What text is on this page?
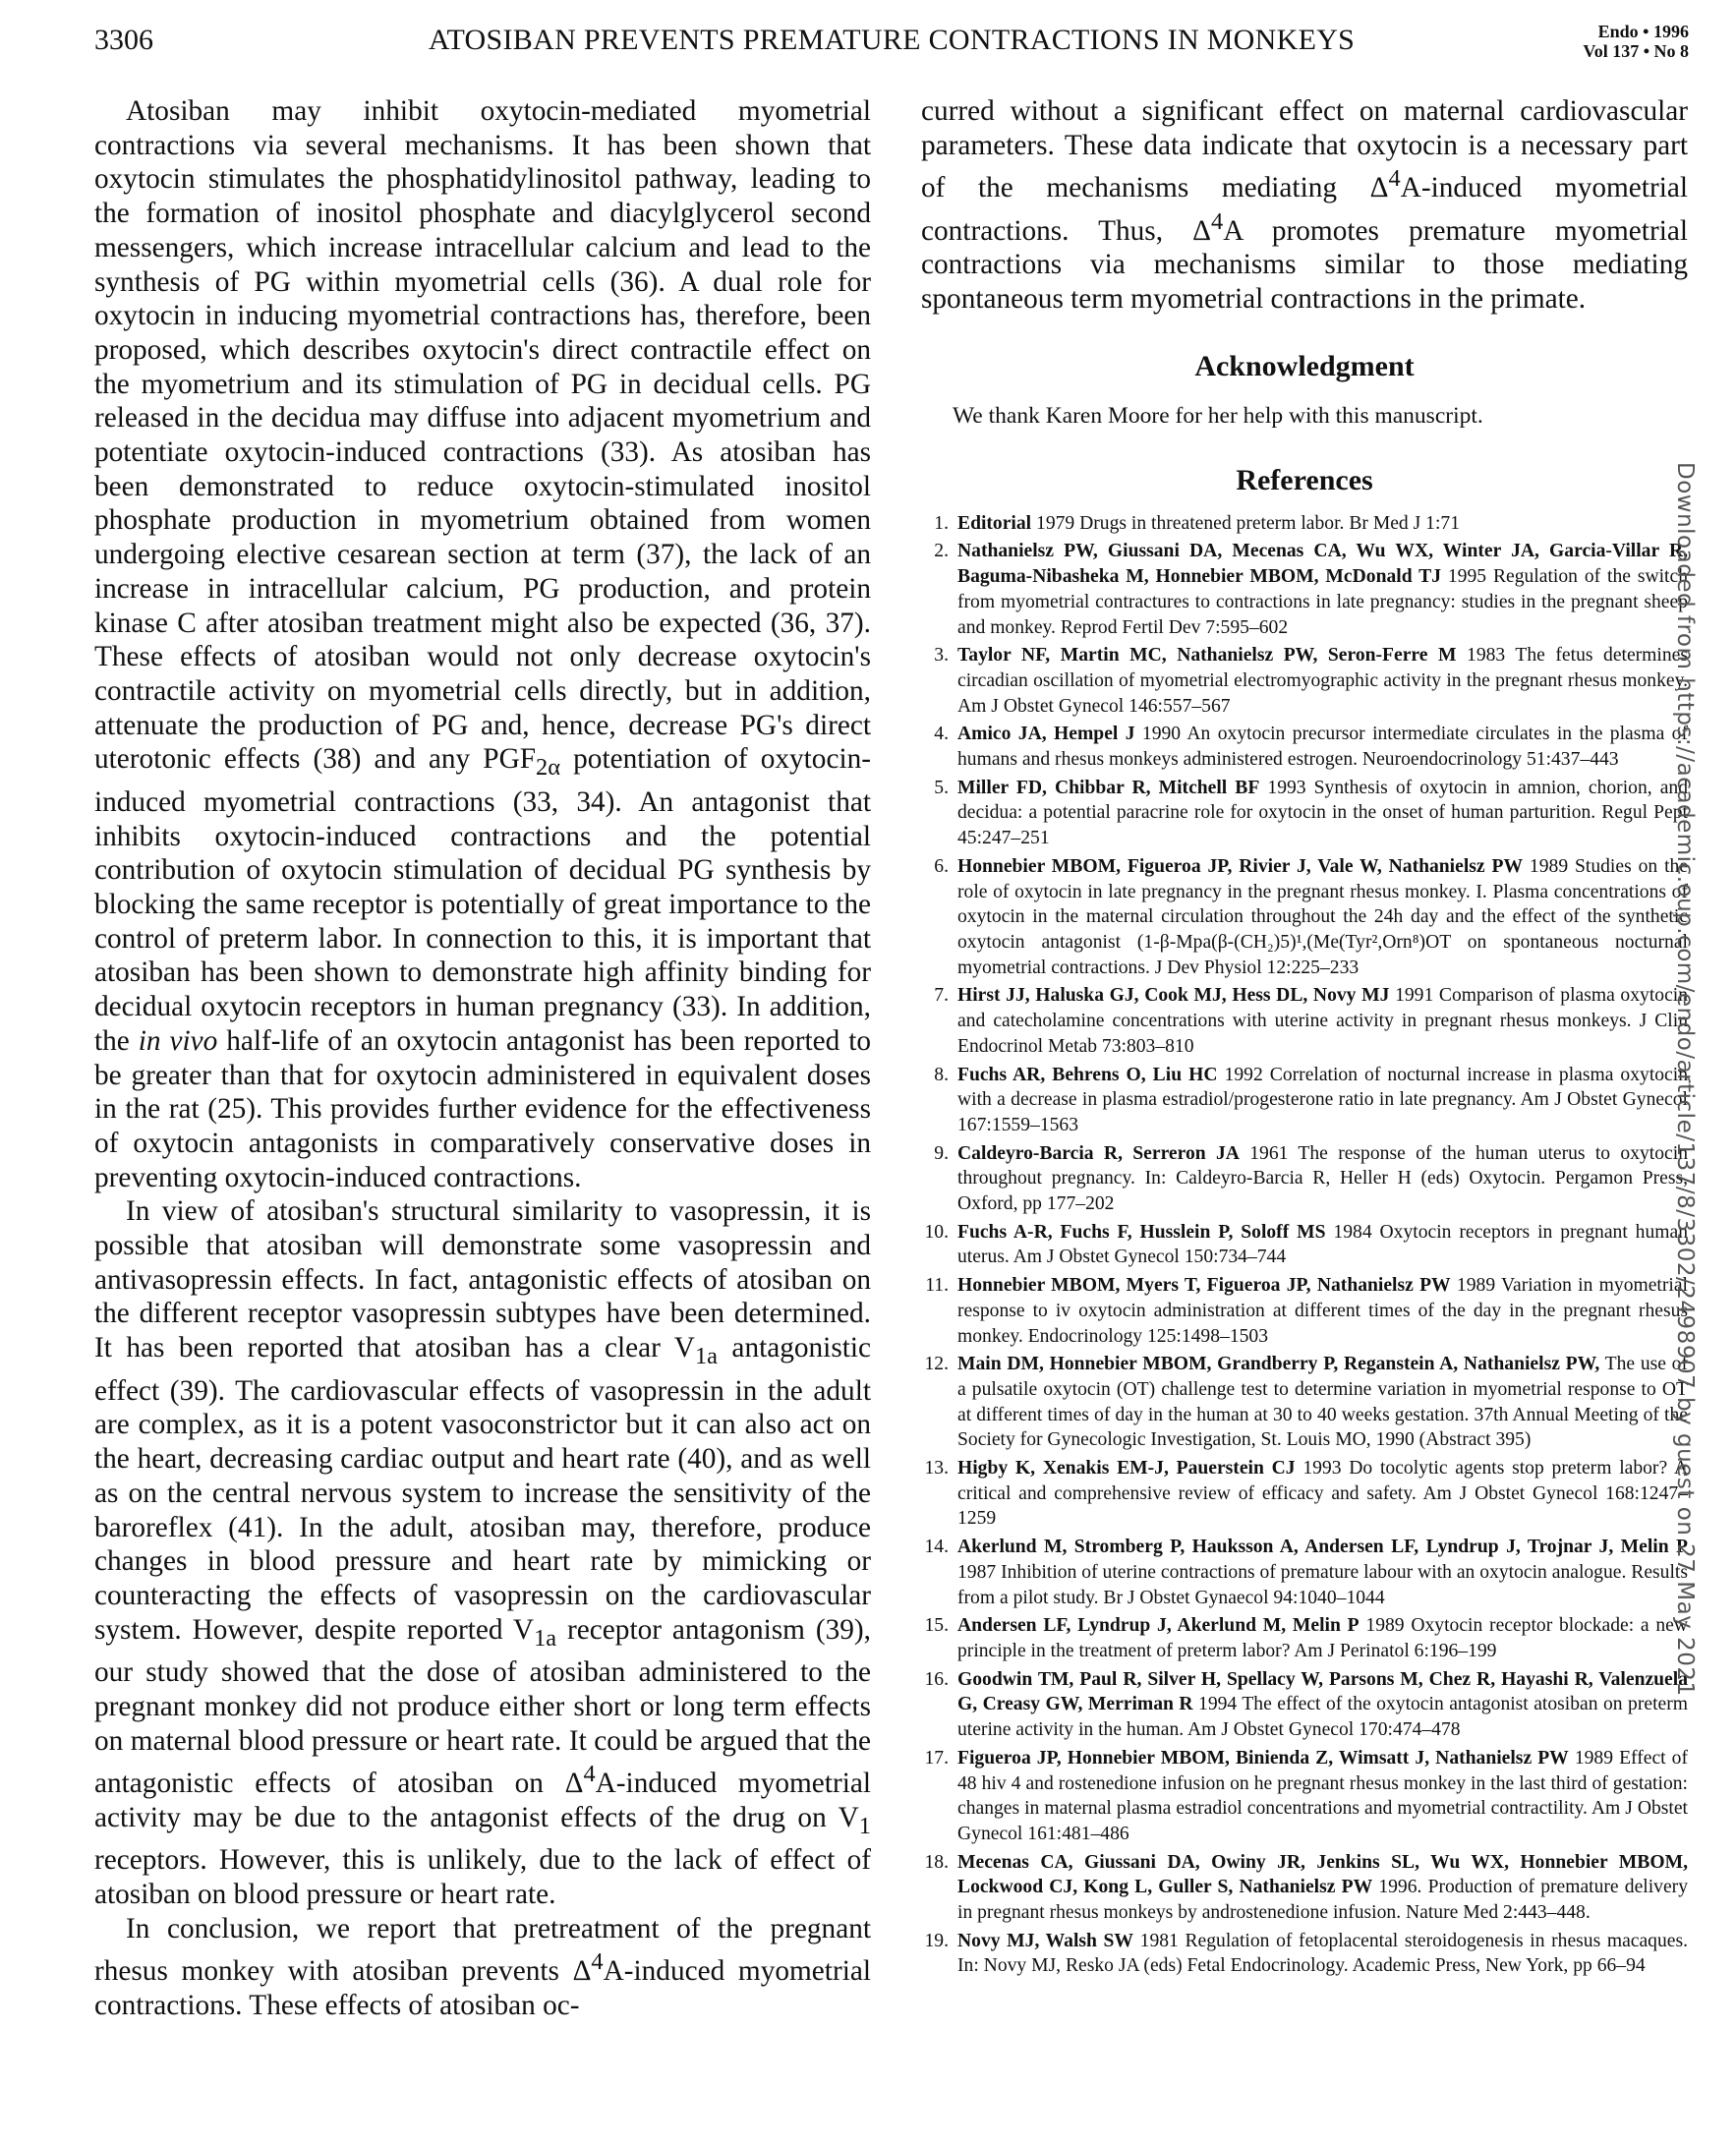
3306	ATOSIBAN PREVENTS PREMATURE CONTRACTIONS IN MONKEYS	Endo • 1996
Vol 137 • No 8

Atosiban may inhibit oxytocin-mediated myometrial contractions via several mechanisms. It has been shown that oxytocin stimulates the phosphatidylinositol pathway, leading to the formation of inositol phosphate and diacylglycerol second messengers, which increase intracellular calcium and lead to the synthesis of PG within myometrial cells (36). A dual role for oxytocin in inducing myometrial contractions has, therefore, been proposed, which describes oxytocin's direct contractile effect on the myometrium and its stimulation of PG in decidual cells. PG released in the decidua may diffuse into adjacent myometrium and potentiate oxytocin-induced contractions (33). As atosiban has been demonstrated to reduce oxytocin-stimulated inositol phosphate production in myometrium obtained from women undergoing elective cesarean section at term (37), the lack of an increase in intracellular calcium, PG production, and protein kinase C after atosiban treatment might also be expected (36, 37). These effects of atosiban would not only decrease oxytocin's contractile activity on myometrial cells directly, but in addition, attenuate the production of PG and, hence, decrease PG's direct uterotonic effects (38) and any $PGF_{2\alpha}$ potentiation of oxytocin-induced myometrial contractions (33, 34). An antagonist that inhibits oxytocin-induced contractions and the potential contribution of oxytocin stimulation of decidual PG synthesis by blocking the same receptor is potentially of great importance to the control of preterm labor. In connection to this, it is important that atosiban has been shown to demonstrate high affinity binding for decidual oxytocin receptors in human pregnancy (33). In addition, the in vivo half-life of an oxytocin antagonist has been reported to be greater than that for oxytocin administered in equivalent doses in the rat (25). This provides further evidence for the effectiveness of oxytocin antagonists in comparatively conservative doses in preventing oxytocin-induced contractions.

In view of atosiban's structural similarity to vasopressin, it is possible that atosiban will demonstrate some vasopressin and antivasopressin effects. In fact, antagonistic effects of atosiban on the different receptor vasopressin subtypes have been determined. It has been reported that atosiban has a clear $V_{1a}$ antagonistic effect (39). The cardiovascular effects of vasopressin in the adult are complex, as it is a potent vasoconstrictor but it can also act on the heart, decreasing cardiac output and heart rate (40), and as well as on the central nervous system to increase the sensitivity of the baroreflex (41). In the adult, atosiban may, therefore, produce changes in blood pressure and heart rate by mimicking or counteracting the effects of vasopressin on the cardiovascular system. However, despite reported $V_{1a}$ receptor antagonism (39), our study showed that the dose of atosiban administered to the pregnant monkey did not produce either short or long term effects on maternal blood pressure or heart rate. It could be argued that the antagonistic effects of atosiban on $\Delta^4A$-induced myometrial activity may be due to the antagonist effects of the drug on $V_1$ receptors. However, this is unlikely, due to the lack of effect of atosiban on blood pressure or heart rate.

In conclusion, we report that pretreatment of the pregnant rhesus monkey with atosiban prevents $\Delta^4A$-induced myometrial contractions. These effects of atosiban oc-

curred without a significant effect on maternal cardiovascular parameters. These data indicate that oxytocin is a necessary part of the mechanisms mediating $\Delta^4A$-induced myometrial contractions. Thus, $\Delta^4A$ promotes premature myometrial contractions via mechanisms similar to those mediating spontaneous term myometrial contractions in the primate.

Acknowledgment
We thank Karen Moore for her help with this manuscript.
References
1. Editorial 1979 Drugs in threatened preterm labor. Br Med J 1:71
2. Nathanielsz PW, Giussani DA, Mecenas CA, Wu WX, Winter JA, Garcia-Villar R, Baguma-Nibasheka M, Honnebier MBOM, McDonald TJ 1995 Regulation of the switch from myometrial contractures to contractions in late pregnancy: studies in the pregnant sheep and monkey. Reprod Fertil Dev 7:595–602
3. Taylor NF, Martin MC, Nathanielsz PW, Seron-Ferre M 1983 The fetus determines circadian oscillation of myometrial electromyographic activity in the pregnant rhesus monkey. Am J Obstet Gynecol 146:557–567
4. Amico JA, Hempel J 1990 An oxytocin precursor intermediate circulates in the plasma of humans and rhesus monkeys administered estrogen. Neuroendocrinology 51:437–443
5. Miller FD, Chibbar R, Mitchell BF 1993 Synthesis of oxytocin in amnion, chorion, and decidua: a potential paracrine role for oxytocin in the onset of human parturition. Regul Pept 45:247–251
6. Honnebier MBOM, Figueroa JP, Rivier J, Vale W, Nathanielsz PW 1989 Studies on the role of oxytocin in late pregnancy in the pregnant rhesus monkey. I. Plasma concentrations of oxytocin in the maternal circulation throughout the 24h day and the effect of the synthetic oxytocin antagonist (1-β-Mpa(β-(CH₂)5)¹,(Me(Tyr²,Orn⁸)OT on spontaneous nocturnal myometrial contractions. J Dev Physiol 12:225–233
7. Hirst JJ, Haluska GJ, Cook MJ, Hess DL, Novy MJ 1991 Comparison of plasma oxytocin and catecholamine concentrations with uterine activity in pregnant rhesus monkeys. J Clin Endocrinol Metab 73:803–810
8. Fuchs AR, Behrens O, Liu HC 1992 Correlation of nocturnal increase in plasma oxytocin with a decrease in plasma estradiol/progesterone ratio in late pregnancy. Am J Obstet Gynecol 167:1559–1563
9. Caldeyro-Barcia R, Serreron JA 1961 The response of the human uterus to oxytocin throughout pregnancy. In: Caldeyro-Barcia R, Heller H (eds) Oxytocin. Pergamon Press, Oxford, pp 177–202
10. Fuchs A-R, Fuchs F, Husslein P, Soloff MS 1984 Oxytocin receptors in pregnant human uterus. Am J Obstet Gynecol 150:734–744
11. Honnebier MBOM, Myers T, Figueroa JP, Nathanielsz PW 1989 Variation in myometrial response to iv oxytocin administration at different times of the day in the pregnant rhesus monkey. Endocrinology 125:1498–1503
12. Main DM, Honnebier MBOM, Grandberry P, Reganstein A, Nathanielsz PW, The use of a pulsatile oxytocin (OT) challenge test to determine variation in myometrial response to OT at different times of day in the human at 30 to 40 weeks gestation. 37th Annual Meeting of the Society for Gynecologic Investigation, St. Louis MO, 1990 (Abstract 395)
13. Higby K, Xenakis EM-J, Pauerstein CJ 1993 Do tocolytic agents stop preterm labor? A critical and comprehensive review of efficacy and safety. Am J Obstet Gynecol 168:1247–1259
14. Akerlund M, Stromberg P, Hauksson A, Andersen LF, Lyndrup J, Trojnar J, Melin P 1987 Inhibition of uterine contractions of premature labour with an oxytocin analogue. Results from a pilot study. Br J Obstet Gynaecol 94:1040–1044
15. Andersen LF, Lyndrup J, Akerlund M, Melin P 1989 Oxytocin receptor blockade: a new principle in the treatment of preterm labor? Am J Perinatol 6:196–199
16. Goodwin TM, Paul R, Silver H, Spellacy W, Parsons M, Chez R, Hayashi R, Valenzuela G, Creasy GW, Merriman R 1994 The effect of the oxytocin antagonist atosiban on preterm uterine activity in the human. Am J Obstet Gynecol 170:474–478
17. Figueroa JP, Honnebier MBOM, Binienda Z, Wimsatt J, Nathanielsz PW 1989 Effect of 48 hiv 4 and rostenedione infusion on he pregnant rhesus monkey in the last third of gestation: changes in maternal plasma estradiol concentrations and myometrial contractility. Am J Obstet Gynecol 161:481–486
18. Mecenas CA, Giussani DA, Owiny JR, Jenkins SL, Wu WX, Honnebier MBOM, Lockwood CJ, Kong L, Guller S, Nathanielsz PW 1996. Production of premature delivery in pregnant rhesus monkeys by androstenedione infusion. Nature Med 2:443–448.
19. Novy MJ, Walsh SW 1981 Regulation of fetoplacental steroidogenesis in rhesus macaques. In: Novy MJ, Resko JA (eds) Fetal Endocrinology. Academic Press, New York, pp 66–94
Downloaded from https://academic.oup.com/endo/article/137/8/3302/2498907 by guest on 27 May 2021
